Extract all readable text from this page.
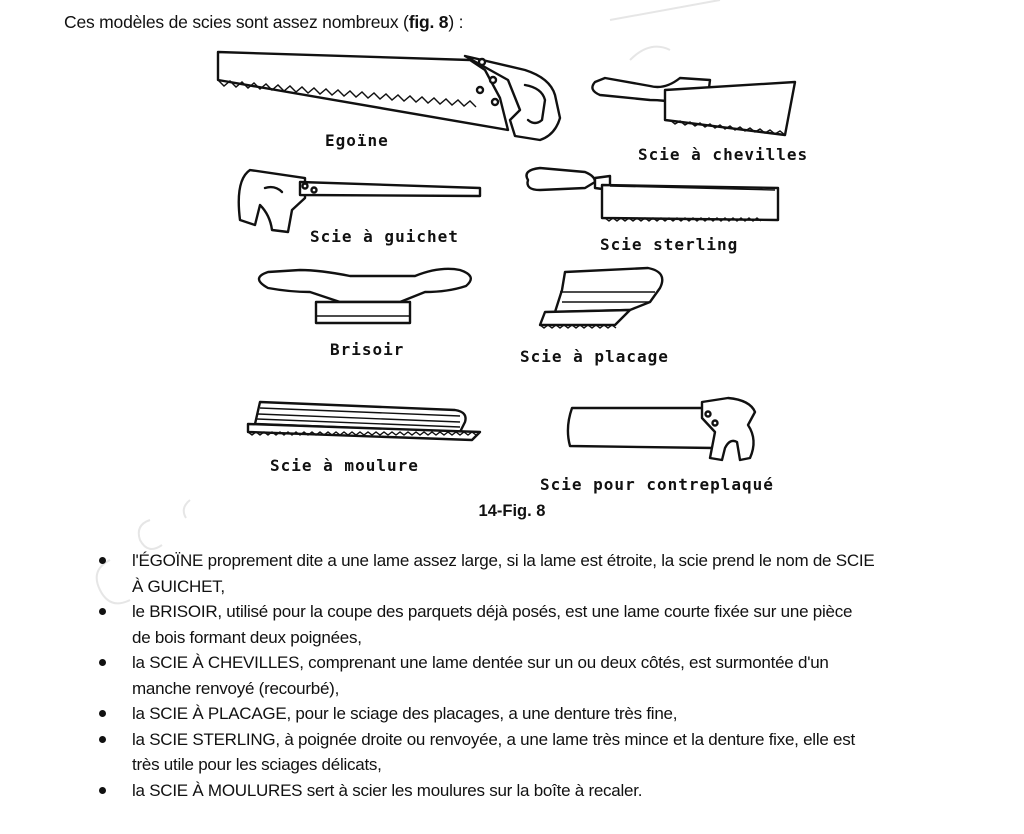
Ces modèles de scies sont assez nombreux (fig. 8) :

Egoïne
Scie à chevilles
Scie à guichet	Scie sterling
Brisoir	Scie à placage
Scie à moulure
Scie pour contreplaqué

14-Fig. 8

l'ÉGOÏNE proprement dite a une lame assez large, si la lame est étroite, la scie prend le nom de SCIE
À GUICHET,
le BRISOIR, utilisé pour la coupe des parquets déjà posés, est une lame courte fixée sur une pièce
de bois formant deux poignées,
la SCIE À CHEVILLES, comprenant une lame dentée sur un ou deux côtés, est surmontée d'un
manche renvoyé (recourbé),
la SCIE À PLACAGE, pour le sciage des placages, a une denture très fine,
la SCIE STERLING, à poignée droite ou renvoyée, a une lame très mince et la denture fixe, elle est
très utile pour les sciages délicats,
la SCIE À MOULURES sert à scier les moulures sur la boîte à recaler.
